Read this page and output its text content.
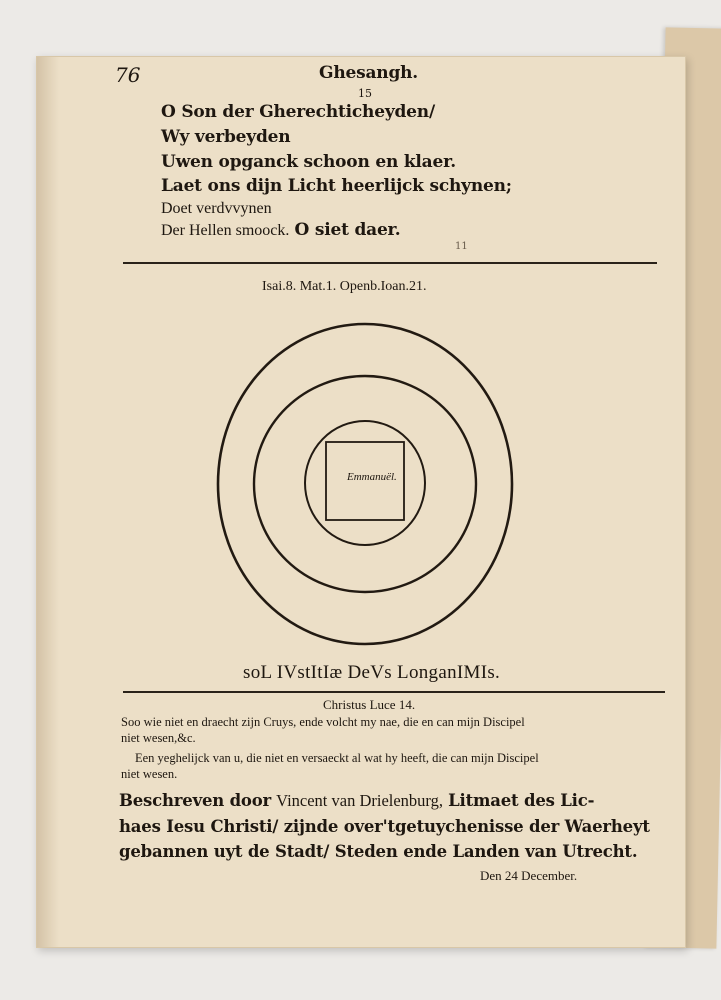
76	Ghesangh.
15
O Son der Gherechticheyden/
Wy verbeyden
Uwen opganck schoon en klaer.
Laet ons dijn Licht heerlijck schynen;
Doet verdvvynen
Der Hellen smoock. O siet daer.
11
Isai.8. Mat.1. Openb.Ioan.21.
Emmanuël.
soL IVstItIæ DeVs LonganIMIs.
Christus Luce 14.
Soo wie niet en draecht zijn Cruys, ende volcht my nae, die en can mijn Discipel
niet wesen,&c.
Een yeghelijck van u, die niet en versaeckt al wat hy heeft, die can mijn Discipel
niet wesen.
Beschreven door Vincent van Drielenburg, Litmaet des Lic-
haes Iesu Christi/ zijnde over'tgetuychenisse der Waerheyt
gebannen uyt de Stadt/ Steden ende Landen van Utrecht.
Den 24 December.
